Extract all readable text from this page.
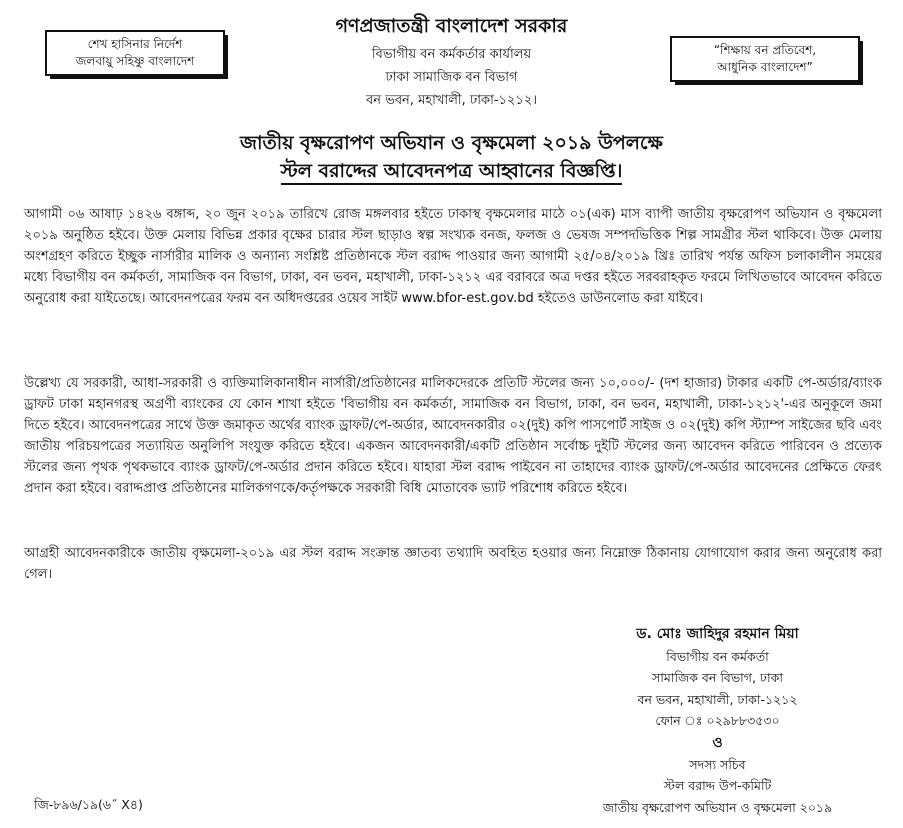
শেখ হাসিনার নির্দেশ
জলবায়ু সহিষ্ণু বাংলাদেশ
“শিক্ষায় বন প্রতিবেশ,
আধুনিক বাংলাদেশ”
গণপ্রজাতন্ত্রী বাংলাদেশ সরকার
বিভাগীয় বন কর্মকর্তার কার্যালয়
ঢাকা সামাজিক বন বিভাগ
বন ভবন, মহাখালী, ঢাকা-১২১২।
জাতীয় বৃক্ষরোপণ অভিযান ও বৃক্ষমেলা ২০১৯ উপলক্ষে
স্টল বরাদ্দের আবেদনপত্র আহ্বানের বিজ্ঞপ্তি।

আগামী ০৬ আষাঢ় ১৪২৬ বঙ্গাব্দ, ২০ জুন ২০১৯ তারিখে রোজ মঙ্গলবার হইতে ঢাকাস্থ বৃক্ষমেলার মাঠে ০১(এক) মাস ব্যাপী জাতীয় বৃক্ষরোপণ অভিযান ও বৃক্ষমেলা ২০১৯ অনুষ্ঠিত হইবে। উক্ত মেলায় বিভিন্ন প্রকার বৃক্ষের চারার স্টল ছাড়াও স্বল্প সংখ্যক বনজ, ফলজ ও ভেষজ সম্পদভিত্তিক শিল্প সামগ্রীর স্টল থাকিবে। উক্ত মেলায় অংশগ্রহণ করিতে ইচ্ছুক নার্সারীর মালিক ও অন্যান্য সংশ্লিষ্ট প্রতিষ্ঠানকে স্টল বরাদ্দ পাওয়ার জন্য আগামী ২৫/০৪/২০১৯ খ্রিঃ তারিখ পর্যন্ত অফিস চলাকালীন সময়ের মধ্যে বিভাগীয় বন কর্মকর্তা, সামাজিক বন বিভাগ, ঢাকা, বন ভবন, মহাখালী, ঢাকা-১২১২ এর বরাবরে অত্র দপ্তর হইতে সরবরাহকৃত ফরমে লিখিতভাবে আবেদন করিতে অনুরোধ করা যাইতেছে। আবেদনপত্রের ফরম বন অধিদপ্তরের ওয়েব সাইট www.bfor-est.gov.bd হইতেও ডাউনলোড করা যাইবে।

উল্লেখ্য যে সরকারী, আধা-সরকারী ও ব্যক্তিমালিকানাধীন নার্সারী/প্রতিষ্ঠানের মালিকদেরকে প্রতিটি স্টলের জন্য ১০,০০০/- (দশ হাজার) টাকার একটি পে-অর্ডার/ব্যাংক ড্রাফট ঢাকা মহানগরস্থ অগ্রণী ব্যাংকের যে কোন শাখা হইতে 'বিভাগীয় বন কর্মকর্তা, সামাজিক বন বিভাগ, ঢাকা, বন ভবন, মহাখালী, ঢাকা-১২১২'-এর অনুকূলে জমা দিতে হইবে। আবেদনপত্রের সাথে উক্ত জমাকৃত অর্থের ব্যাংক ড্রাফট/পে-অর্ডার, আবেদনকারীর ০২(দুই) কপি পাসপোর্ট সাইজ ও ০২(দুই) কপি স্ট্যাম্প সাইজের ছবি এবং জাতীয় পরিচয়পত্রের সত্যায়িত অনুলিপি সংযুক্ত করিতে হইবে। একজন আবেদনকারী/একটি প্রতিষ্ঠান সর্বোচ্চ দুইটি স্টলের জন্য আবেদন করিতে পারিবেন ও প্রত্যেক স্টলের জন্য পৃথক পৃথকভাবে ব্যাংক ড্রাফট/পে-অর্ডার প্রদান করিতে হইবে। যাহারা স্টল বরাদ্দ পাইবেন না তাহাদের ব্যাংক ড্রাফট/পে-অর্ডার আবেদনের প্রেক্ষিতে ফেরৎ প্রদান করা হইবে। বরাদ্দপ্রাপ্ত প্রতিষ্ঠানের মালিকগণকে/কর্তৃপক্ষকে সরকারী বিধি মোতাবেক ভ্যাট পরিশোধ করিতে হইবে।

আগ্রহী আবেদনকারীকে জাতীয় বৃক্ষমেলা-২০১৯ এর স্টল বরাদ্দ সংক্রান্ত জ্ঞাতব্য তথ্যাদি অবহিত হওয়ার জন্য নিম্নোক্ত ঠিকানায় যোগাযোগ করার জন্য অনুরোধ করা গেল।

ড. মোঃ জাহিদুর রহমান মিয়া
বিভাগীয় বন কর্মকর্তা
সামাজিক বন বিভাগ, ঢাকা
বন ভবন, মহাখালী, ঢাকা-১২১২
ফোন ঃ ০২৯৮৮৩৫৩০
ও
সদস্য সচিব
স্টল বরাদ্দ উপ-কমিটি
জাতীয় বৃক্ষরোপণ অভিযান ও বৃক্ষমেলা ২০১৯
জি-৮৯৬/১৯(৬˝ X৪)
